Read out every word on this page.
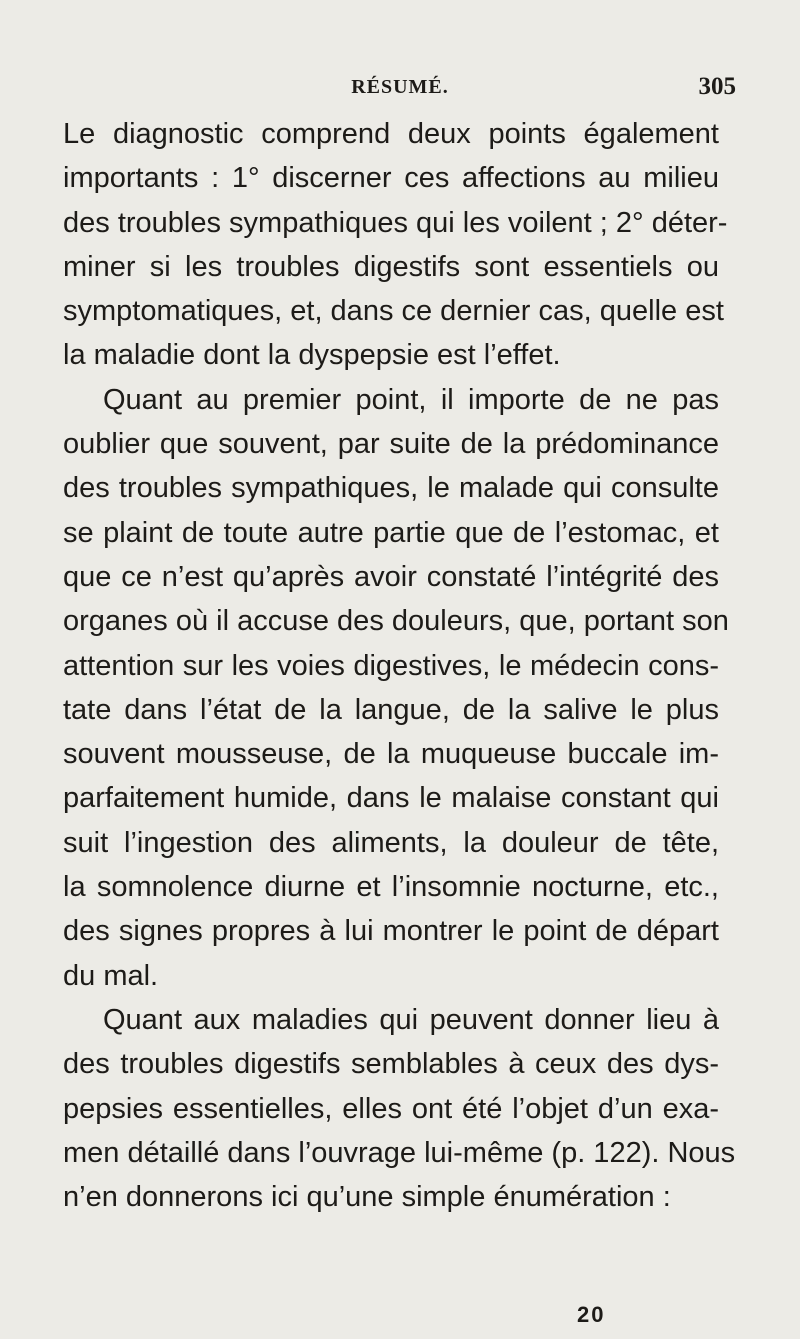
RÉSUMÉ.	305
Le diagnostic comprend deux points également
importants : 1° discerner ces affections au milieu
des troubles sympathiques qui les voilent ; 2° déter-
miner si les troubles digestifs sont essentiels ou
symptomatiques, et, dans ce dernier cas, quelle est
la maladie dont la dyspepsie est l’effet.
Quant au premier point, il importe de ne pas
oublier que souvent, par suite de la prédominance
des troubles sympathiques, le malade qui consulte
se plaint de toute autre partie que de l’estomac, et
que ce n’est qu’après avoir constaté l’intégrité des
organes où il accuse des douleurs, que, portant son
attention sur les voies digestives, le médecin cons-
tate dans l’état de la langue, de la salive le plus
souvent mousseuse, de la muqueuse buccale im-
parfaitement humide, dans le malaise constant qui
suit l’ingestion des aliments, la douleur de tête,
la somnolence diurne et l’insomnie nocturne, etc.,
des signes propres à lui montrer le point de départ
du mal.
Quant aux maladies qui peuvent donner lieu à
des troubles digestifs semblables à ceux des dys-
pepsies essentielles, elles ont été l’objet d’un exa-
men détaillé dans l’ouvrage lui-même (p. 122). Nous
n’en donnerons ici qu’une simple énumération :
20
